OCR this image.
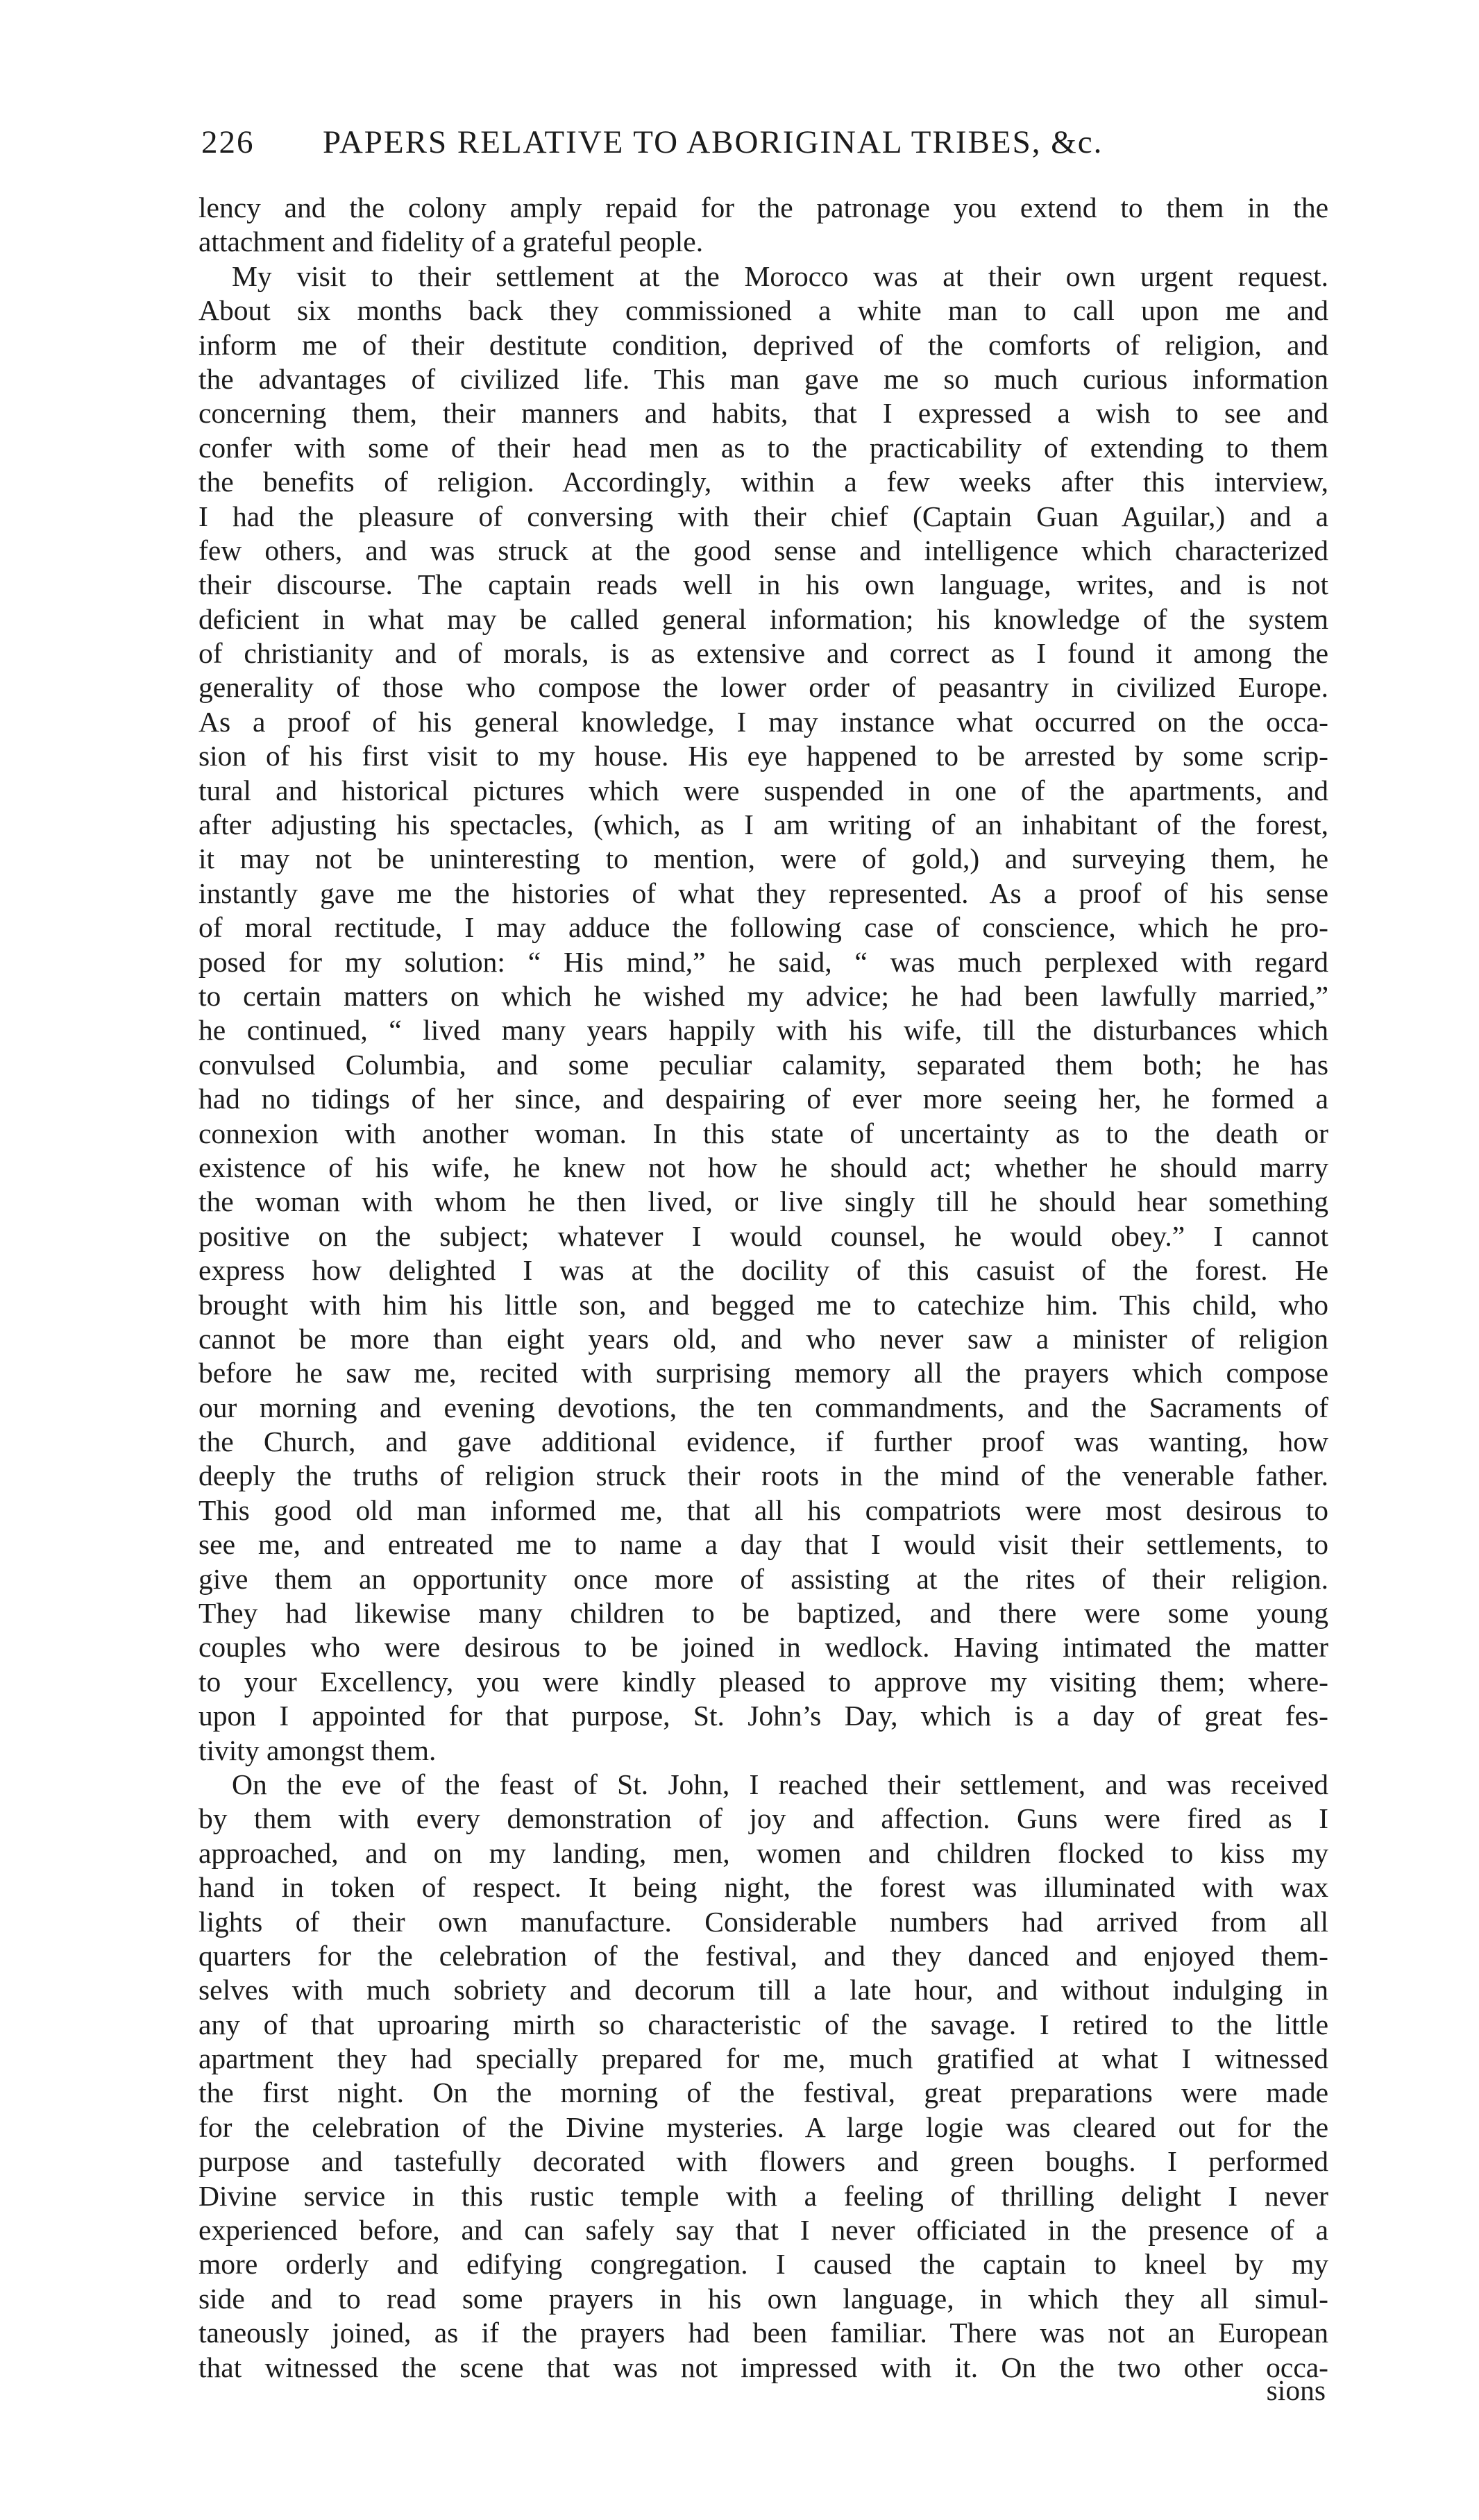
226 PAPERS RELATIVE TO ABORIGINAL TRIBES, &c.
lency and the colony amply repaid for the patronage you extend to them in the
attachment and fidelity of a grateful people.
My visit to their settlement at the Morocco was at their own urgent request.
About six months back they commissioned a white man to call upon me and
inform me of their destitute condition, deprived of the comforts of religion, and
the advantages of civilized life. This man gave me so much curious information
concerning them, their manners and habits, that I expressed a wish to see and
confer with some of their head men as to the practicability of extending to them
the benefits of religion. Accordingly, within a few weeks after this interview,
I had the pleasure of conversing with their chief (Captain Guan Aguilar,) and a
few others, and was struck at the good sense and intelligence which characterized
their discourse. The captain reads well in his own language, writes, and is not
deficient in what may be called general information; his knowledge of the system
of christianity and of morals, is as extensive and correct as I found it among the
generality of those who compose the lower order of peasantry in civilized Europe.
As a proof of his general knowledge, I may instance what occurred on the occa-
sion of his first visit to my house. His eye happened to be arrested by some scrip-
tural and historical pictures which were suspended in one of the apartments, and
after adjusting his spectacles, (which, as I am writing of an inhabitant of the forest,
it may not be uninteresting to mention, were of gold,) and surveying them, he
instantly gave me the histories of what they represented. As a proof of his sense
of moral rectitude, I may adduce the following case of conscience, which he pro-
posed for my solution: “ His mind,” he said, “ was much perplexed with regard
to certain matters on which he wished my advice; he had been lawfully married,”
he continued, “ lived many years happily with his wife, till the disturbances which
convulsed Columbia, and some peculiar calamity, separated them both; he has
had no tidings of her since, and despairing of ever more seeing her, he formed a
connexion with another woman. In this state of uncertainty as to the death or
existence of his wife, he knew not how he should act; whether he should marry
the woman with whom he then lived, or live singly till he should hear something
positive on the subject; whatever I would counsel, he would obey.” I cannot
express how delighted I was at the docility of this casuist of the forest. He
brought with him his little son, and begged me to catechize him. This child, who
cannot be more than eight years old, and who never saw a minister of religion
before he saw me, recited with surprising memory all the prayers which compose
our morning and evening devotions, the ten commandments, and the Sacraments of
the Church, and gave additional evidence, if further proof was wanting, how
deeply the truths of religion struck their roots in the mind of the venerable father.
This good old man informed me, that all his compatriots were most desirous to
see me, and entreated me to name a day that I would visit their settlements, to
give them an opportunity once more of assisting at the rites of their religion.
They had likewise many children to be baptized, and there were some young
couples who were desirous to be joined in wedlock. Having intimated the matter
to your Excellency, you were kindly pleased to approve my visiting them; where-
upon I appointed for that purpose, St. John’s Day, which is a day of great fes-
tivity amongst them.
On the eve of the feast of St. John, I reached their settlement, and was received
by them with every demonstration of joy and affection. Guns were fired as I
approached, and on my landing, men, women and children flocked to kiss my
hand in token of respect. It being night, the forest was illuminated with wax
lights of their own manufacture. Considerable numbers had arrived from all
quarters for the celebration of the festival, and they danced and enjoyed them-
selves with much sobriety and decorum till a late hour, and without indulging in
any of that uproaring mirth so characteristic of the savage. I retired to the little
apartment they had specially prepared for me, much gratified at what I witnessed
the first night. On the morning of the festival, great preparations were made
for the celebration of the Divine mysteries. A large logie was cleared out for the
purpose and tastefully decorated with flowers and green boughs. I performed
Divine service in this rustic temple with a feeling of thrilling delight I never
experienced before, and can safely say that I never officiated in the presence of a
more orderly and edifying congregation. I caused the captain to kneel by my
side and to read some prayers in his own language, in which they all simul-
taneously joined, as if the prayers had been familiar. There was not an European
that witnessed the scene that was not impressed with it. On the two other occa-
sions
